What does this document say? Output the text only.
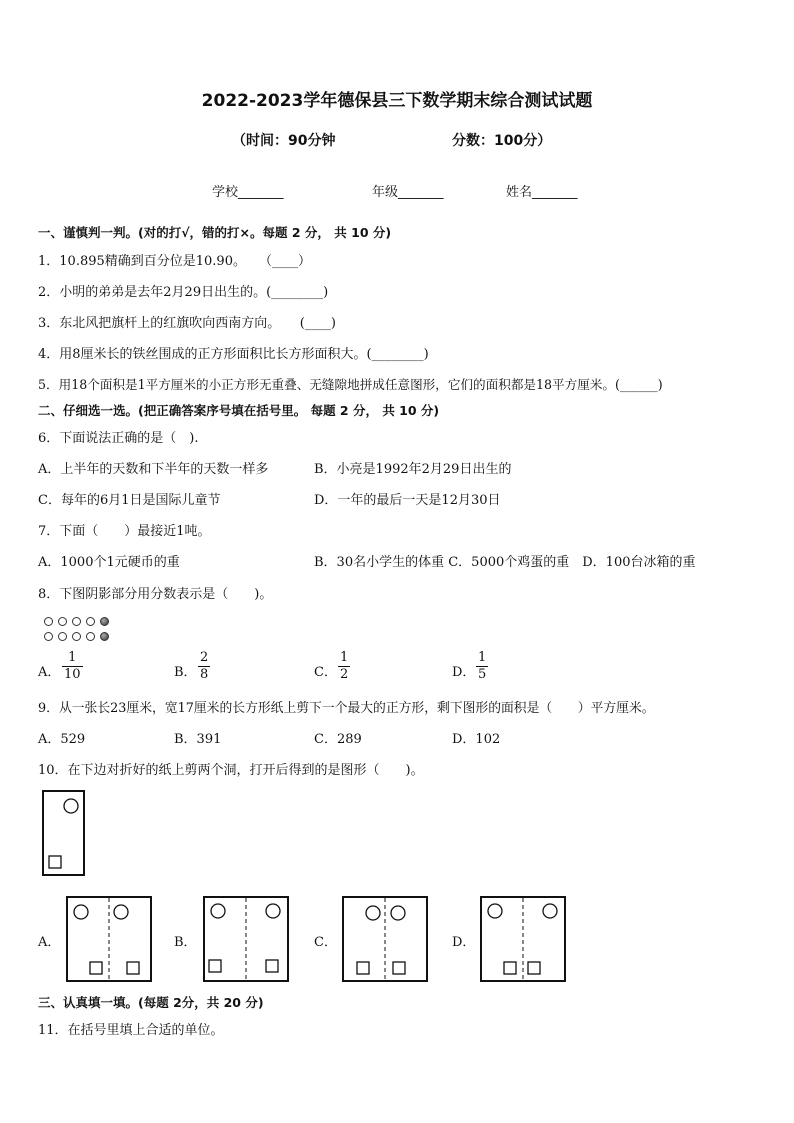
2022-2023学年德保县三下数学期末综合测试试题
（时间：90分钟	分数：100分）
学校_______	年级_______	姓名_______
一、谨慎判一判。(对的打√，错的打×。每题 2 分， 共 10 分)
1．10.895精确到百分位是10.90。　　（____）
2．小明的弟弟是去年2月29日出生的。(________)
3．东北风把旗杆上的红旗吹向西南方向。　　(____)
4．用8厘米长的铁丝围成的正方形面积比长方形面积大。(________)
5．用18个面积是1平方厘米的小正方形无重叠、无缝隙地拼成任意图形，它们的面积都是18平方厘米。(______)
二、仔细选一选。(把正确答案序号填在括号里。 每题 2 分， 共 10 分)
6．下面说法正确的是（　).
A．上半年的天数和下半年的天数一样多	B．小亮是1992年2月29日出生的
C．每年的6月1日是国际儿童节	D．一年的最后一天是12月30日
7．下面（　　）最接近1吨。
A．1000个1元硬币的重	B．30名小学生的体重 C．5000个鸡蛋的重　D．100台冰箱的重
8．下图阴影部分用分数表示是（　　)。
A．
1
10	B．
2
8	C．
1
2	D．
1
5
9．从一张长23厘米，宽17厘米的长方形纸上剪下一个最大的正方形，剩下图形的面积是（　　）平方厘米。
A．529	B．391	C．289	D．102
10．在下边对折好的纸上剪两个洞，打开后得到的是图形（　　)。
A．	B．	C．	D．
三、认真填一填。(每题 2分，共 20 分)
11．在括号里填上合适的单位。
